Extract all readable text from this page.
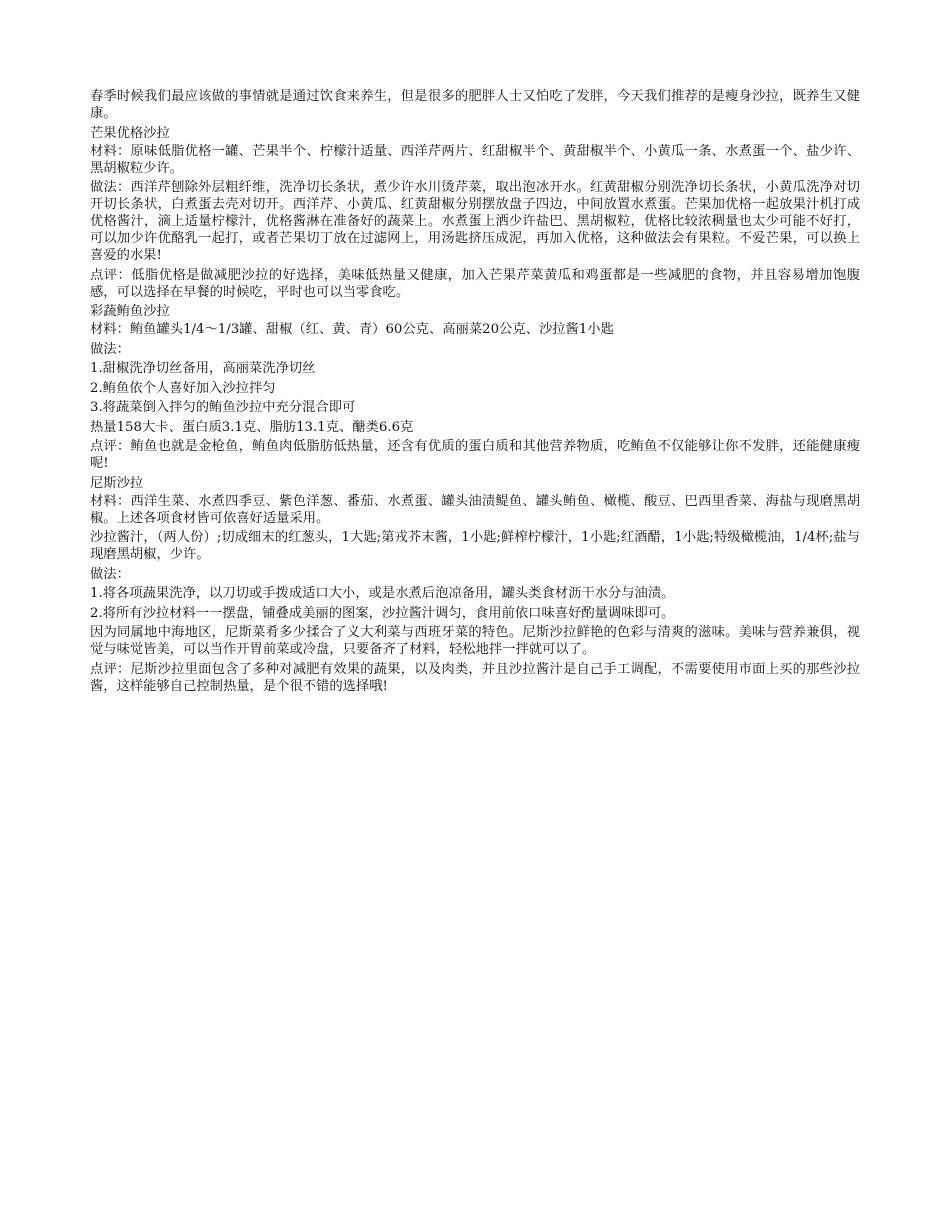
春季时候我们最应该做的事情就是通过饮食来养生，但是很多的肥胖人士又怕吃了发胖，今天我们推荐的是瘦身沙拉，既养生又健康。

芒果优格沙拉

材料：原味低脂优格一罐、芒果半个、柠檬汁适量、西洋芹两片、红甜椒半个、黄甜椒半个、小黄瓜一条、水煮蛋一个、盐少许、黑胡椒粒少许。

做法：西洋芹刨除外层粗纤维，洗净切长条状，煮少许水川烫芹菜，取出泡冰开水。红黄甜椒分别洗净切长条状，小黄瓜洗净对切开切长条状，白煮蛋去壳对切开。西洋芹、小黄瓜、红黄甜椒分别摆放盘子四边，中间放置水煮蛋。芒果加优格一起放果汁机打成优格酱汁，滴上适量柠檬汁，优格酱淋在准备好的蔬菜上。水煮蛋上洒少许盐巴、黑胡椒粒，优格比较浓稠量也太少可能不好打，可以加少许优酪乳一起打，或者芒果切丁放在过滤网上，用汤匙挤压成泥，再加入优格，这种做法会有果粒。不爱芒果，可以换上喜爱的水果!

点评：低脂优格是做减肥沙拉的好选择，美味低热量又健康，加入芒果芹菜黄瓜和鸡蛋都是一些减肥的食物，并且容易增加饱腹感，可以选择在早餐的时候吃，平时也可以当零食吃。

彩蔬鲔鱼沙拉

材料：鲔鱼罐头1/4～1/3罐、甜椒（红、黄、青）60公克、高丽菜20公克、沙拉酱1小匙

做法：

1.甜椒洗净切丝备用，高丽菜洗净切丝

2.鲔鱼依个人喜好加入沙拉拌匀

3.将蔬菜倒入拌匀的鲔鱼沙拉中充分混合即可

热量158大卡、蛋白质3.1克、脂肪13.1克、醣类6.6克

点评：鲔鱼也就是金枪鱼，鲔鱼肉低脂肪低热量，还含有优质的蛋白质和其他营养物质，吃鲔鱼不仅能够让你不发胖，还能健康瘦呢!

尼斯沙拉

材料：西洋生菜、水煮四季豆、紫色洋葱、番茄、水煮蛋、罐头油渍鳀鱼、罐头鲔鱼、橄榄、酸豆、巴西里香菜、海盐与现磨黑胡椒。上述各项食材皆可依喜好适量采用。

沙拉酱汁，（两人份）;切成细末的红葱头，1大匙;第戎芥末酱，1小匙;鲜榨柠檬汁，1小匙;红酒醋，1小匙;特级橄榄油，1/4杯;盐与现磨黑胡椒，少许。

做法：

1.将各项蔬果洗净，以刀切或手拨成适口大小，或是水煮后泡凉备用，罐头类食材沥干水分与油渍。

2.将所有沙拉材料一一摆盘，铺叠成美丽的图案，沙拉酱汁调匀，食用前依口味喜好酌量调味即可。

因为同属地中海地区，尼斯菜肴多少揉合了义大利菜与西班牙菜的特色。尼斯沙拉鲜艳的色彩与清爽的滋味。美味与营养兼俱，视觉与味觉皆美，可以当作开胃前菜或冷盘，只要备齐了材料，轻松地拌一拌就可以了。

点评：尼斯沙拉里面包含了多种对减肥有效果的蔬果，以及肉类，并且沙拉酱汁是自己手工调配，不需要使用市面上买的那些沙拉酱，这样能够自己控制热量，是个很不错的选择哦!
